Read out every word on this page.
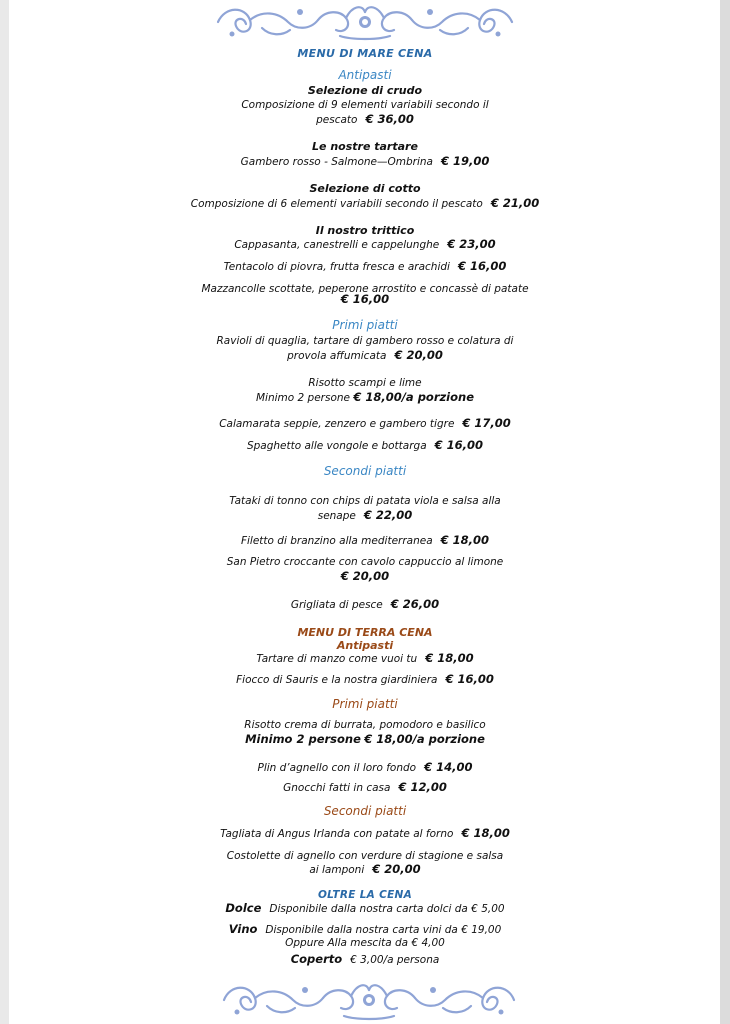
MENU DI MARE CENA
Antipasti
Selezione di crudo
Composizione di 9 elementi variabili secondo il
pescato € 36,00
Le nostre tartare
Gambero rosso - Salmone—Ombrina € 19,00
Selezione di cotto
Composizione di 6 elementi variabili secondo il pescato € 21,00
Il nostro trittico
Cappasanta, canestrelli e cappelunghe € 23,00
Tentacolo di piovra, frutta fresca e arachidi € 16,00
Mazzancolle scottate, peperone arrostito e concassè di patate
€ 16,00
Primi piatti
Ravioli di quaglia, tartare di gambero rosso e colatura di
provola affumicata € 20,00
Risotto scampi e lime
Minimo 2 persone € 18,00/a porzione
Calamarata seppie, zenzero e gambero tigre € 17,00
Spaghetto alle vongole e bottarga € 16,00
Secondi piatti
Tataki di tonno con chips di patata viola e salsa alla
senape € 22,00
Filetto di branzino alla mediterranea € 18,00
San Pietro croccante con cavolo cappuccio al limone
€ 20,00
Grigliata di pesce € 26,00
MENU DI TERRA CENA
Antipasti
Tartare di manzo come vuoi tu € 18,00
Fiocco di Sauris e la nostra giardiniera € 16,00
Primi piatti
Risotto crema di burrata, pomodoro e basilico
Minimo 2 persone € 18,00/a porzione
Plin d’agnello con il loro fondo € 14,00
Gnocchi fatti in casa € 12,00
Secondi piatti
Tagliata di Angus Irlanda con patate al forno € 18,00
Costolette di agnello con verdure di stagione e salsa
ai lamponi € 20,00
OLTRE LA CENA
Dolce Disponibile dalla nostra carta dolci da € 5,00
Vino Disponibile dalla nostra carta vini da € 19,00
Oppure Alla mescita da € 4,00
Coperto € 3,00/a persona
